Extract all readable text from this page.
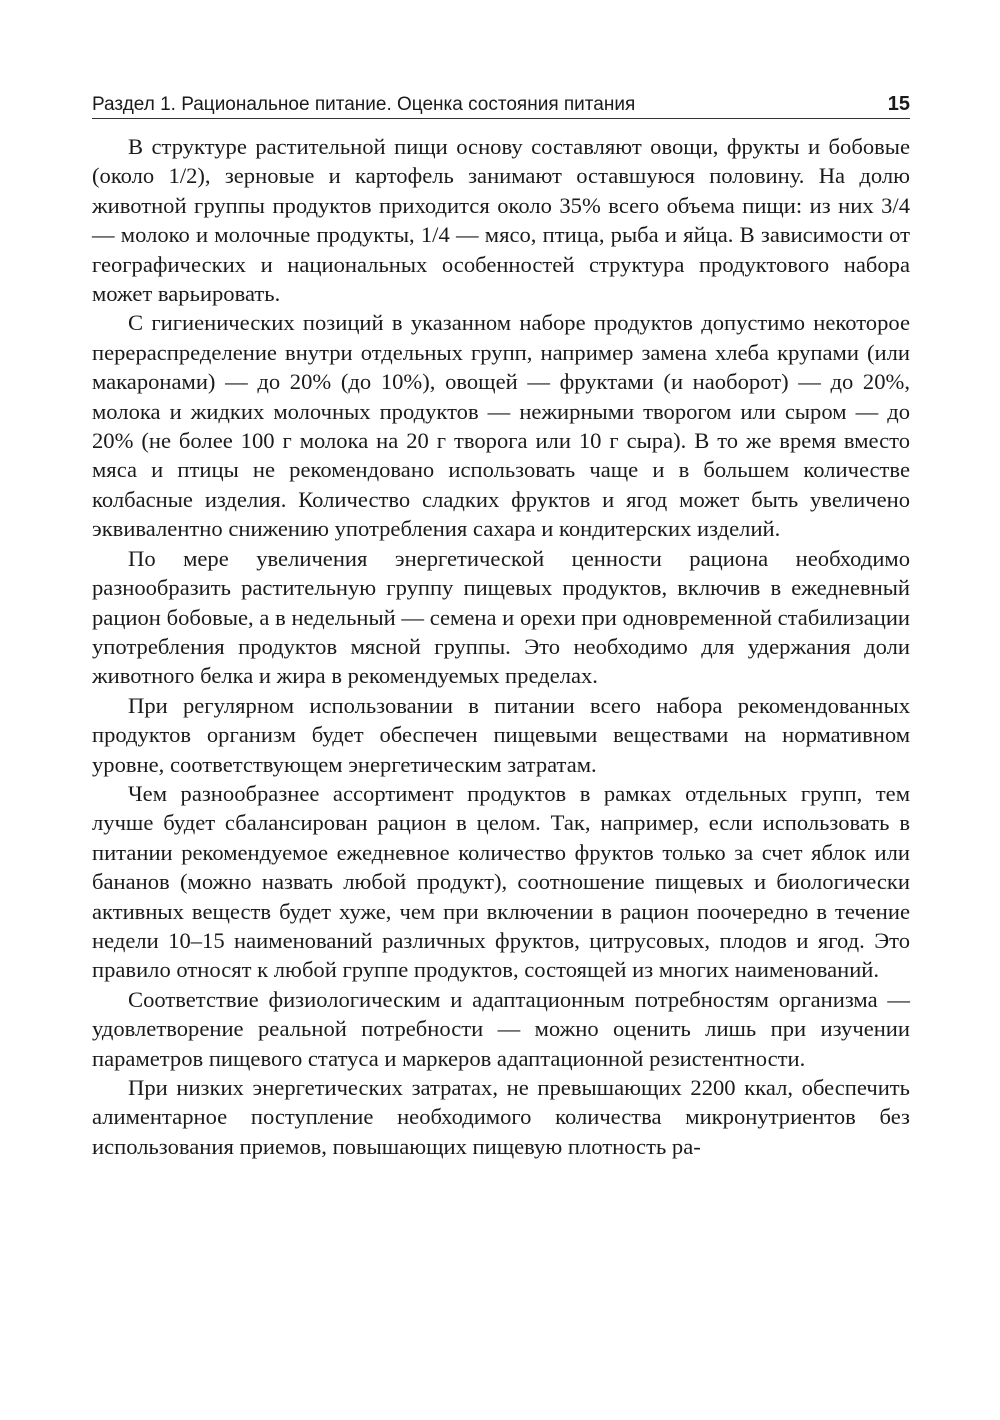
Раздел 1. Рациональное питание. Оценка состояния питания	15

В структуре растительной пищи основу составляют овощи, фрукты и бобовые (около 1/2), зерновые и картофель занимают оставшуюся половину. На долю животной группы продуктов приходится около 35% всего объема пищи: из них 3/4 — молоко и молочные продукты, 1/4 — мясо, птица, рыба и яйца. В зависимости от географических и национальных особенностей структура продуктового набора может варьировать.

С гигиенических позиций в указанном наборе продуктов допустимо некоторое перераспределение внутри отдельных групп, например замена хлеба крупами (или макаронами) — до 20% (до 10%), овощей — фруктами (и наоборот) — до 20%, молока и жидких молочных продуктов — нежирными творогом или сыром — до 20% (не более 100 г молока на 20 г творога или 10 г сыра). В то же время вместо мяса и птицы не рекомендовано использовать чаще и в большем количестве колбасные изделия. Количество сладких фруктов и ягод может быть увеличено эквивалентно снижению употребления сахара и кондитерских изделий.

По мере увеличения энергетической ценности рациона необходимо разнообразить растительную группу пищевых продуктов, включив в ежедневный рацион бобовые, а в недельный — семена и орехи при одновременной стабилизации употребления продуктов мясной группы. Это необходимо для удержания доли животного белка и жира в рекомендуемых пределах.

При регулярном использовании в питании всего набора рекомендованных продуктов организм будет обеспечен пищевыми веществами на нормативном уровне, соответствующем энергетическим затратам.

Чем разнообразнее ассортимент продуктов в рамках отдельных групп, тем лучше будет сбалансирован рацион в целом. Так, например, если использовать в питании рекомендуемое ежедневное количество фруктов только за счет яблок или бананов (можно назвать любой продукт), соотношение пищевых и биологически активных веществ будет хуже, чем при включении в рацион поочередно в течение недели 10–15 наименований различных фруктов, цитрусовых, плодов и ягод. Это правило относят к любой группе продуктов, состоящей из многих наименований.

Соответствие физиологическим и адаптационным потребностям организма — удовлетворение реальной потребности — можно оценить лишь при изучении параметров пищевого статуса и маркеров адаптационной резистентности.

При низких энергетических затратах, не превышающих 2200 ккал, обеспечить алиментарное поступление необходимого количества микронутриентов без использования приемов, повышающих пищевую плотность ра-
